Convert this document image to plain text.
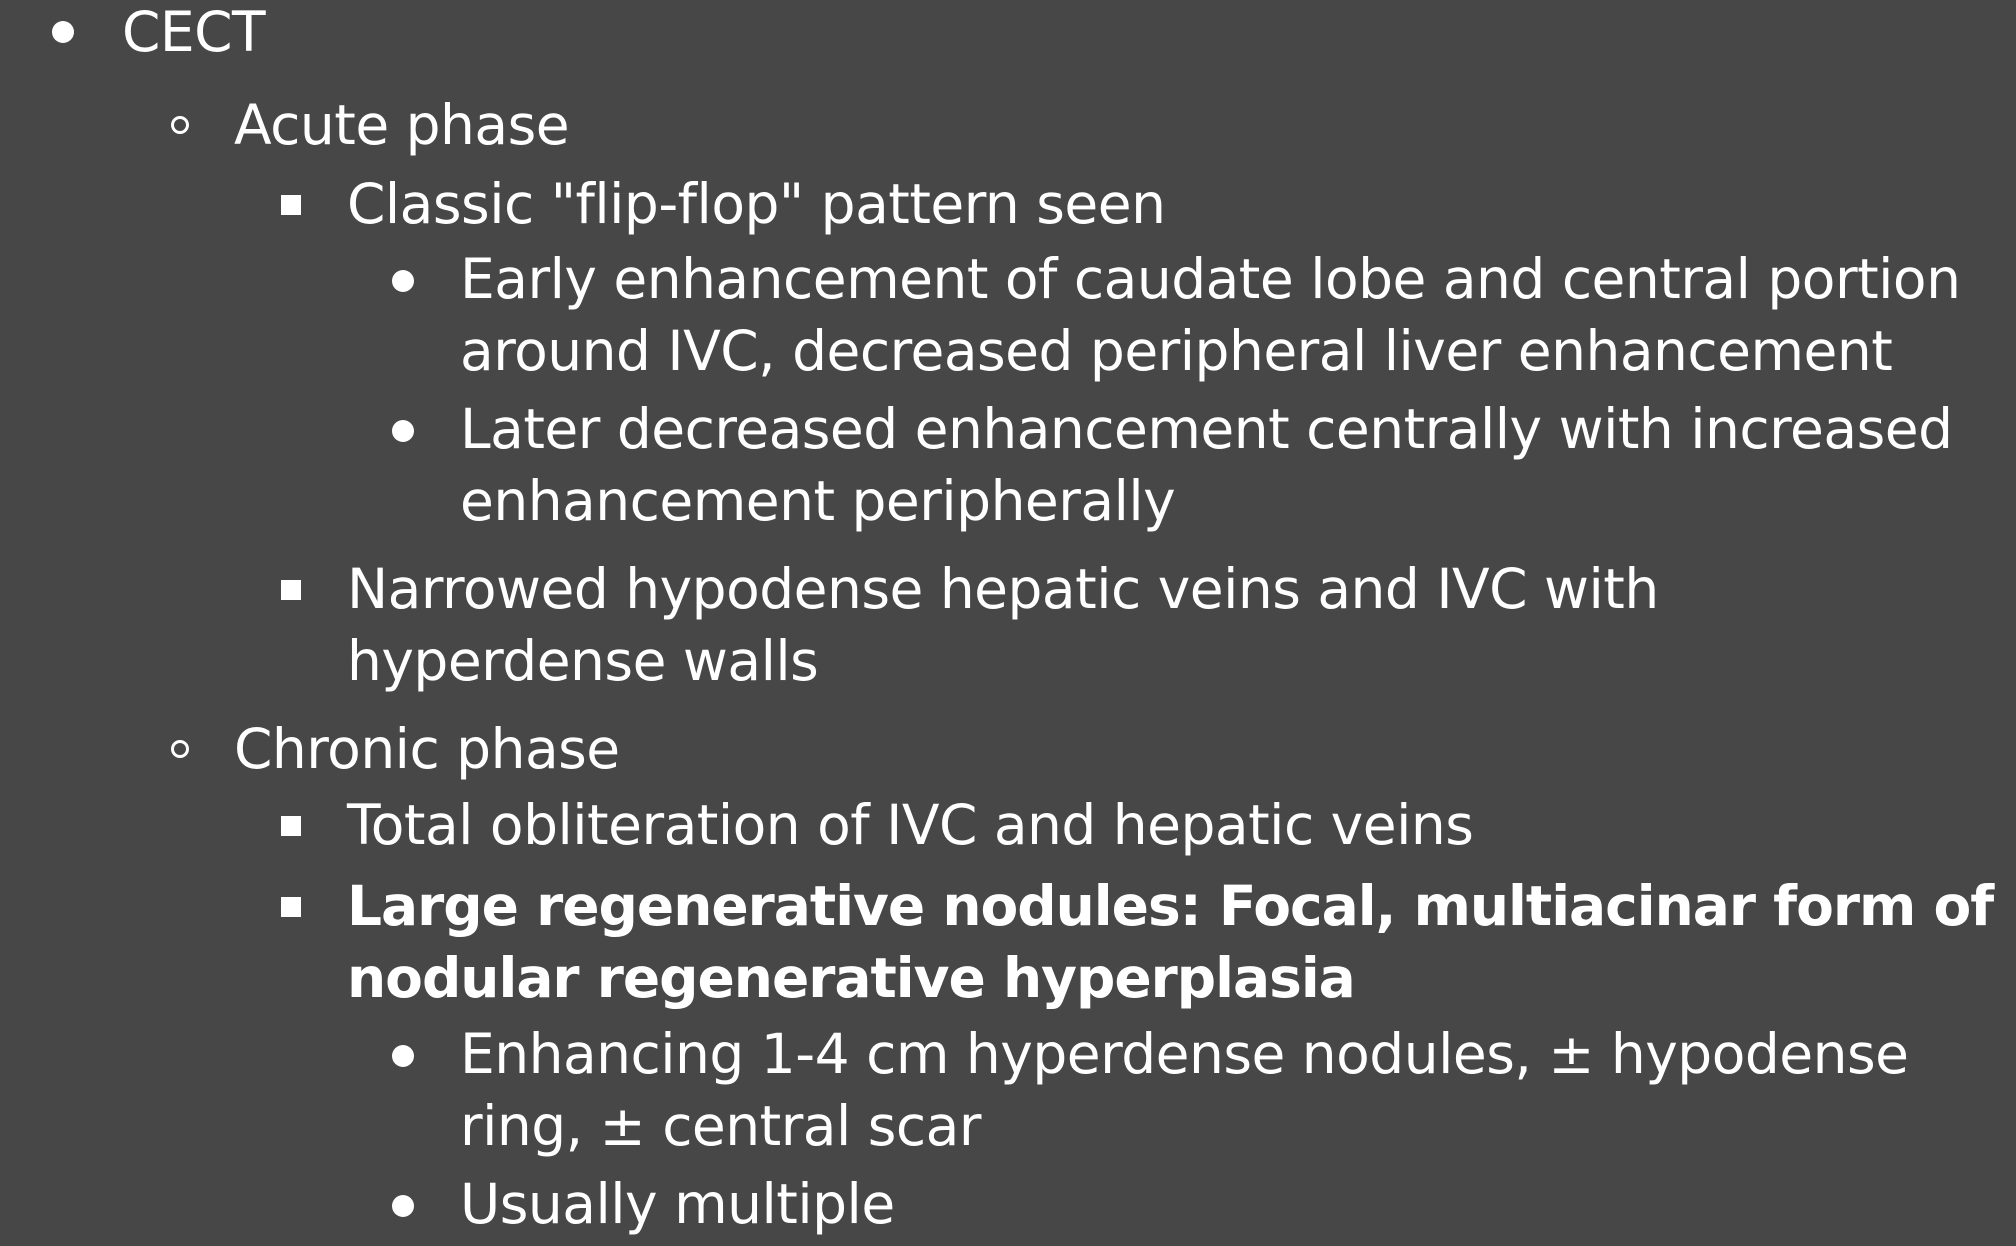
CECT
Acute phase
Classic "flip-flop" pattern seen
Early enhancement of caudate lobe and central portion
around IVC, decreased peripheral liver enhancement
Later decreased enhancement centrally with increased
enhancement peripherally
Narrowed hypodense hepatic veins and IVC with
hyperdense walls
Chronic phase
Total obliteration of IVC and hepatic veins
Large regenerative nodules: Focal, multiacinar form of
nodular regenerative hyperplasia
Enhancing 1-4 cm hyperdense nodules, ± hypodense
ring, ± central scar
Usually multiple
